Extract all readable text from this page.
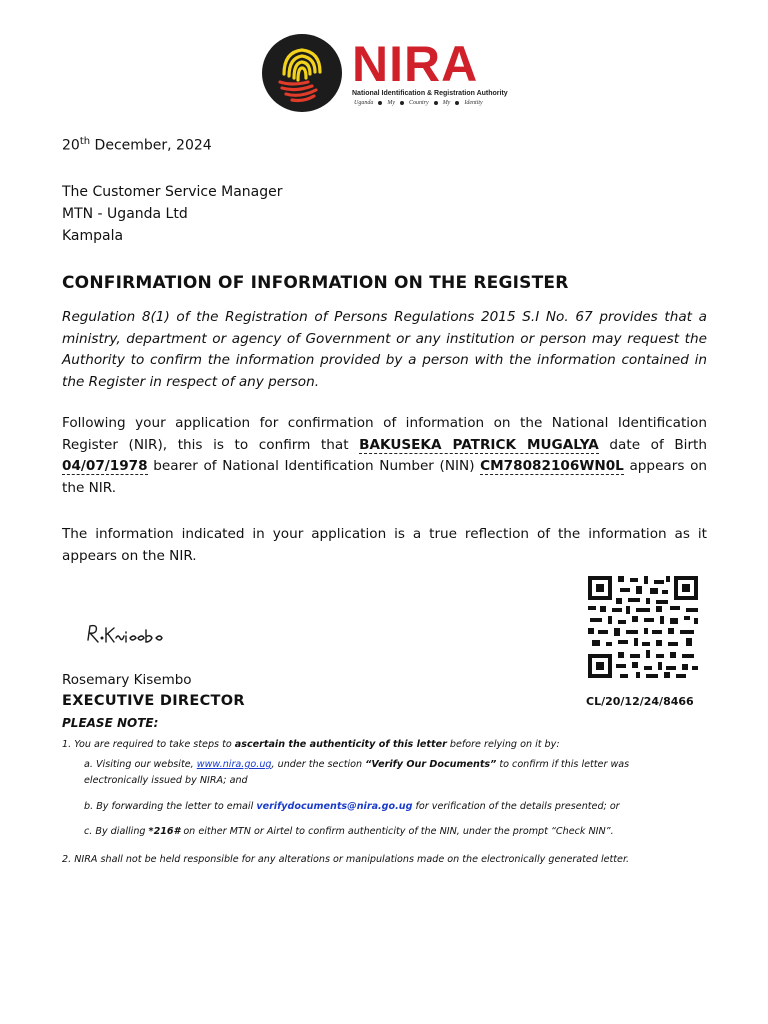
NIRA
National Identification & Registration Authority
Uganda My Country My Identity
20th December, 2024
The Customer Service Manager
MTN - Uganda Ltd
Kampala
CONFIRMATION OF INFORMATION ON THE REGISTER
Regulation 8(1) of the Registration of Persons Regulations 2015 S.I No. 67 provides that a ministry, department or agency of Government or any institution or person may request the Authority to confirm the information provided by a person with the information contained in the Register in respect of any person.
Following your application for confirmation of information on the National Identification Register (NIR), this is to confirm that BAKUSEKA PATRICK MUGALYA date of Birth 04/07/1978 bearer of National Identification Number (NIN) CM78082106WN0L appears on the NIR.
The information indicated in your application is a true reflection of the information as it appears on the NIR.
CL/20/12/24/8466
Rosemary Kisembo
EXECUTIVE DIRECTOR
PLEASE NOTE:
1. You are required to take steps to ascertain the authenticity of this letter before relying on it by:
a. Visiting our website, www.nira.go.ug, under the section “Verify Our Documents” to confirm if this letter was
electronically issued by NIRA; and
b. By forwarding the letter to email verifydocuments@nira.go.ug for verification of the details presented; or
c. By dialling *216# on either MTN or Airtel to confirm authenticity of the NIN, under the prompt “Check NIN”.
2. NIRA shall not be held responsible for any alterations or manipulations made on the electronically generated letter.
